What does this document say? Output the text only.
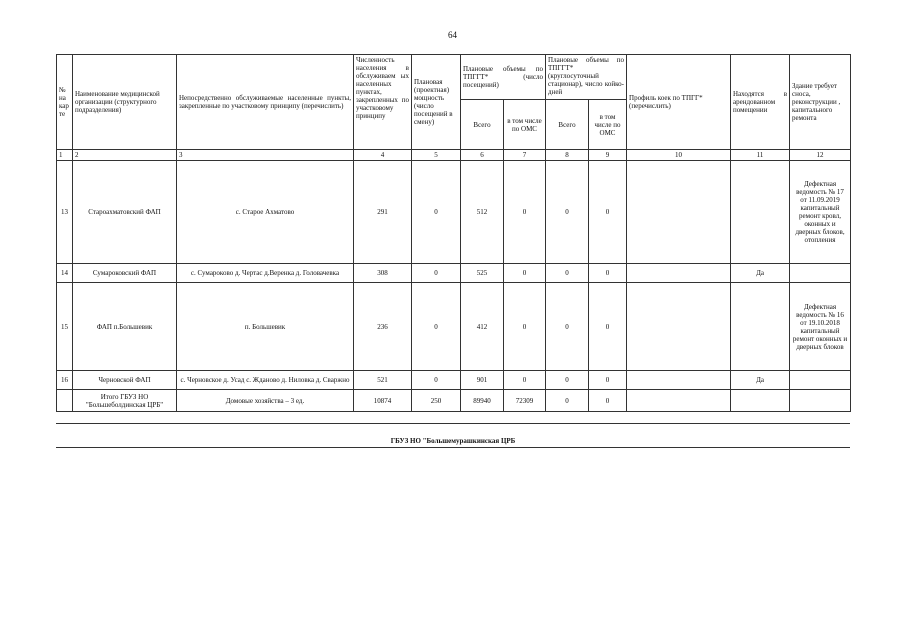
64
№ на кар те	Наименование медицинской организации (структурного подразделения)	Непосредственно обслуживаемые населенные пункты, закрепленные по участковому принципу (перечислить)	Численность населения в обслуживаем ых населенных пунктах, закрепленных по участковому принципу	Плановая (проектная) мощность (число посещений в смену)	Плановые объемы по ТПГГТ* (число посещений)		Плановые объемы по ТПГГТ* (круглосуточный стационар), число койко-дней		Профиль коек по ТПГГ* (перечислить)	Находятся в арендованном помещении	Здание требует сноса, реконструкции , капитального ремонта
					Всего	в том числе по ОМС	Всего	в том числе по ОМС			
1	2	3	4	5	6	7	8	9	10	11	12
13	Староахматовский ФАП	с. Старое Ахматово	291	0	512	0	0	0			Дефектная ведомость № 17 от 11.09.2019 капитальный ремонт кровл, оконных и дверных блоков, отопления
14	Сумароковский ФАП	с. Сумароково д. Чертас д.Веренка д. Головачевка	308	0	525	0	0	0		Да	
15	ФАП п.Большевик	п. Большевик	236	0	412	0	0	0			Дефектная ведомость № 16 от 19.10.2018 капитальный ремонт оконных и дверных блоков
16	Черновской ФАП	с. Черновское д. Усад с. Жданово д. Ниловка д. Сваржно	521	0	901	0	0	0		Да	
	Итого ГБУЗ НО "Большеболдинская ЦРБ"	Домовые хозяйства – 3 ед.	10874	250	89940	72309	0	0			
ГБУЗ НО "Большемурашкинская ЦРБ
